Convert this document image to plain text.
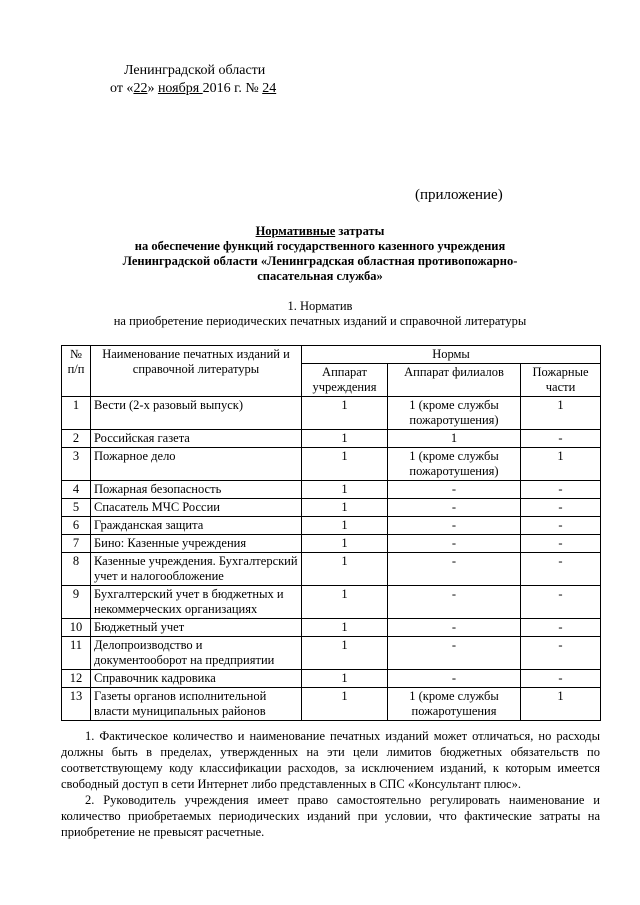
Ленинградской области
от «22» ноября 2016 г. № 24
(приложение)
Нормативные затраты
на обеспечение функций государственного казенного учреждения
Ленинградской области «Ленинградская областная противопожарно-
спасательная служба»
1. Норматив
на приобретение периодических печатных изданий и справочной литературы
№ п/п	Наименование печатных изданий и справочной литературы	Нормы		
		Аппарат учреждения	Аппарат филиалов	Пожарные части
1	Вести (2-х разовый выпуск)	1	1 (кроме службы пожаротушения)	1
2	Российская газета	1	1	-
3	Пожарное дело	1	1 (кроме службы пожаротушения)	1
4	Пожарная безопасность	1	-	-
5	Спасатель МЧС России	1	-	-
6	Гражданская защита	1	-	-
7	Бино: Казенные учреждения	1	-	-
8	Казенные учреждения. Бухгалтерский учет и налогообложение	1	-	-
9	Бухгалтерский учет в бюджетных и некоммерческих организациях	1	-	-
10	Бюджетный учет	1	-	-
11	Делопроизводство и документооборот на предприятии	1	-	-
12	Справочник кадровика	1	-	-
13	Газеты органов исполнительной власти муниципальных районов	1	1 (кроме службы пожаротушения	1

1. Фактическое количество и наименование печатных изданий может отличаться, но расходы должны быть в пределах, утвержденных на эти цели лимитов бюджетных обязательств по соответствующему коду классификации расходов, за исключением изданий, к которым имеется свободный доступ в сети Интернет либо представленных в СПС «Консультант плюс».

2. Руководитель учреждения имеет право самостоятельно регулировать наименование и количество приобретаемых периодических изданий при условии, что фактические затраты на приобретение не превысят расчетные.
